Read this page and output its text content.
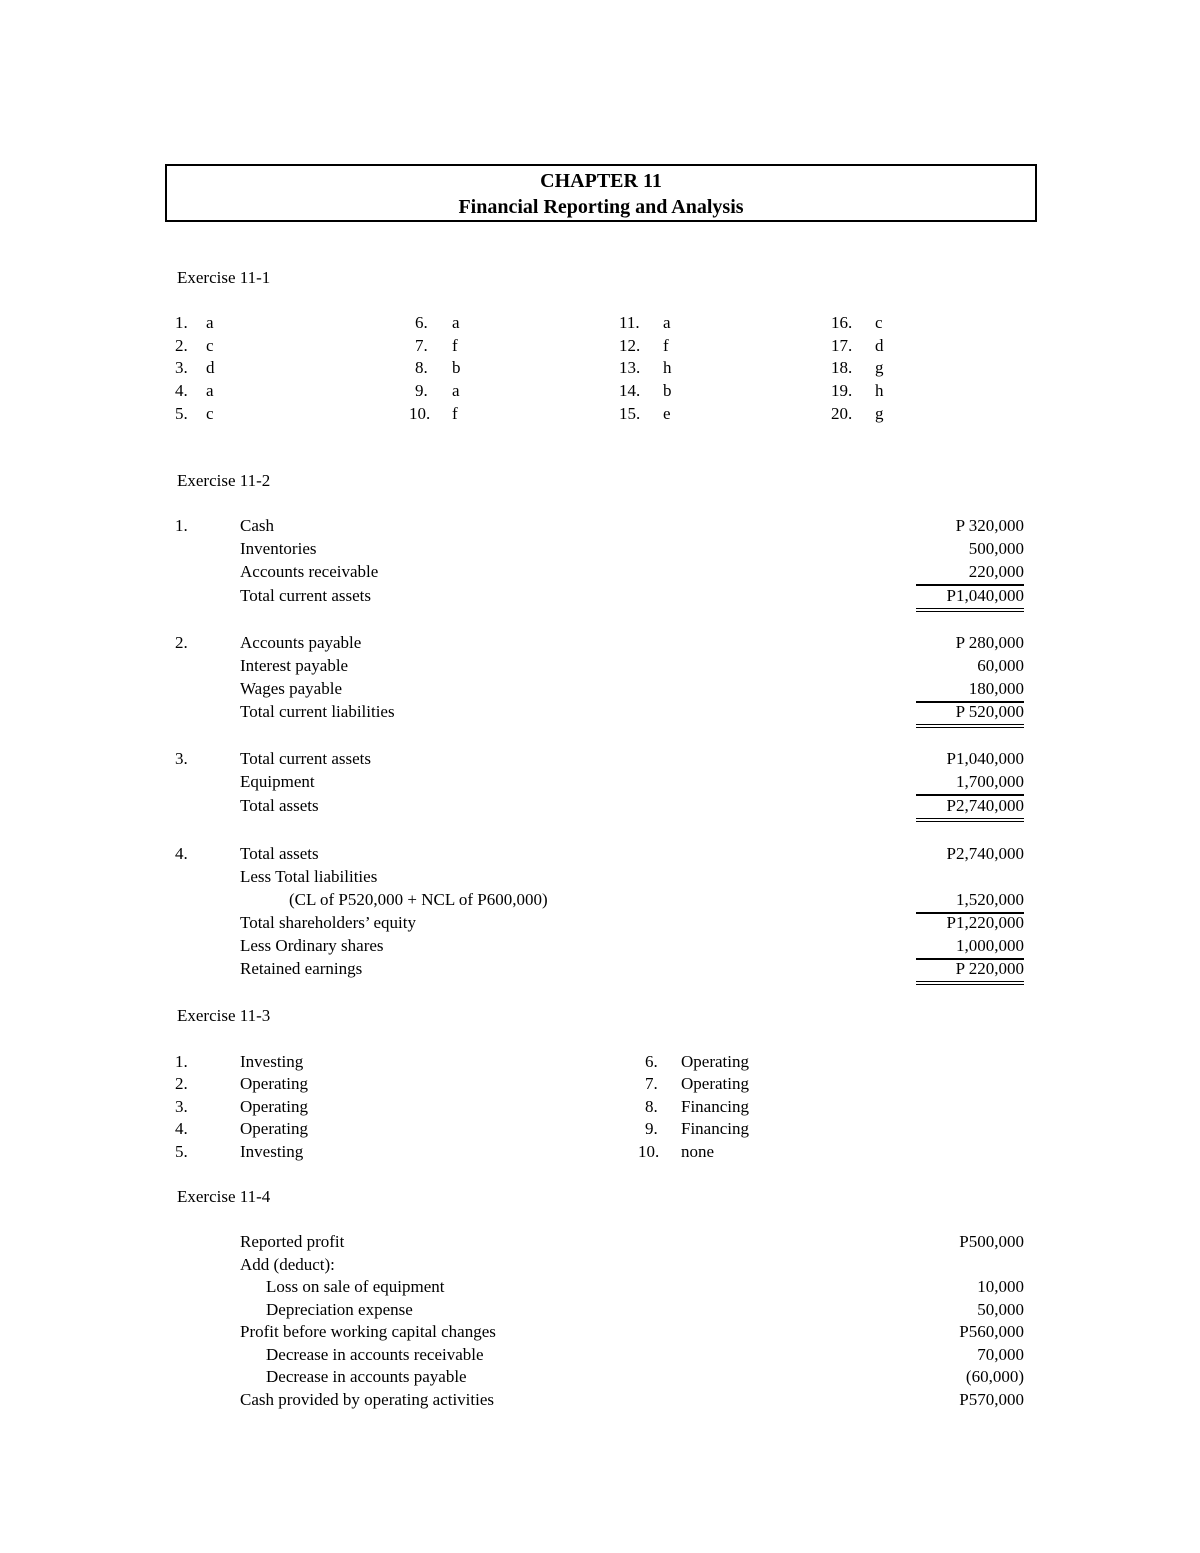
CHAPTER 11
Financial Reporting and Analysis
Exercise 11-1
1. a
2. c
3. d
4. a
5. c
6. a
7. f
8. b
9. a
10. f
11. a
12. f
13. h
14. b
15. e
16. c
17. d
18. g
19. h
20. g
Exercise 11-2
1.	Cash	P 320,000
Inventories	500,000
Accounts receivable	220,000
Total current assets	P1,040,000
2.	Accounts payable	P 280,000
Interest payable	60,000
Wages payable	180,000
Total current liabilities	P 520,000
3.	Total current assets	P1,040,000
Equipment	1,700,000
Total assets	P2,740,000
4.	Total assets	P2,740,000
Less Total liabilities
(CL of P520,000 + NCL of P600,000)	1,520,000
Total shareholders’ equity	P1,220,000
Less Ordinary shares	1,000,000
Retained earnings	P 220,000
Exercise 11-3
1.	Investing
2.	Operating
3.	Operating
4.	Operating
5.	Investing
6. Operating
7. Operating
8. Financing
9. Financing
10. none
Exercise 11-4
Reported profit	P500,000
Add (deduct):
Loss on sale of equipment	10,000
Depreciation expense	50,000
Profit before working capital changes	P560,000
Decrease in accounts receivable	70,000
Decrease in accounts payable	(60,000)
Cash provided by operating activities	P570,000
